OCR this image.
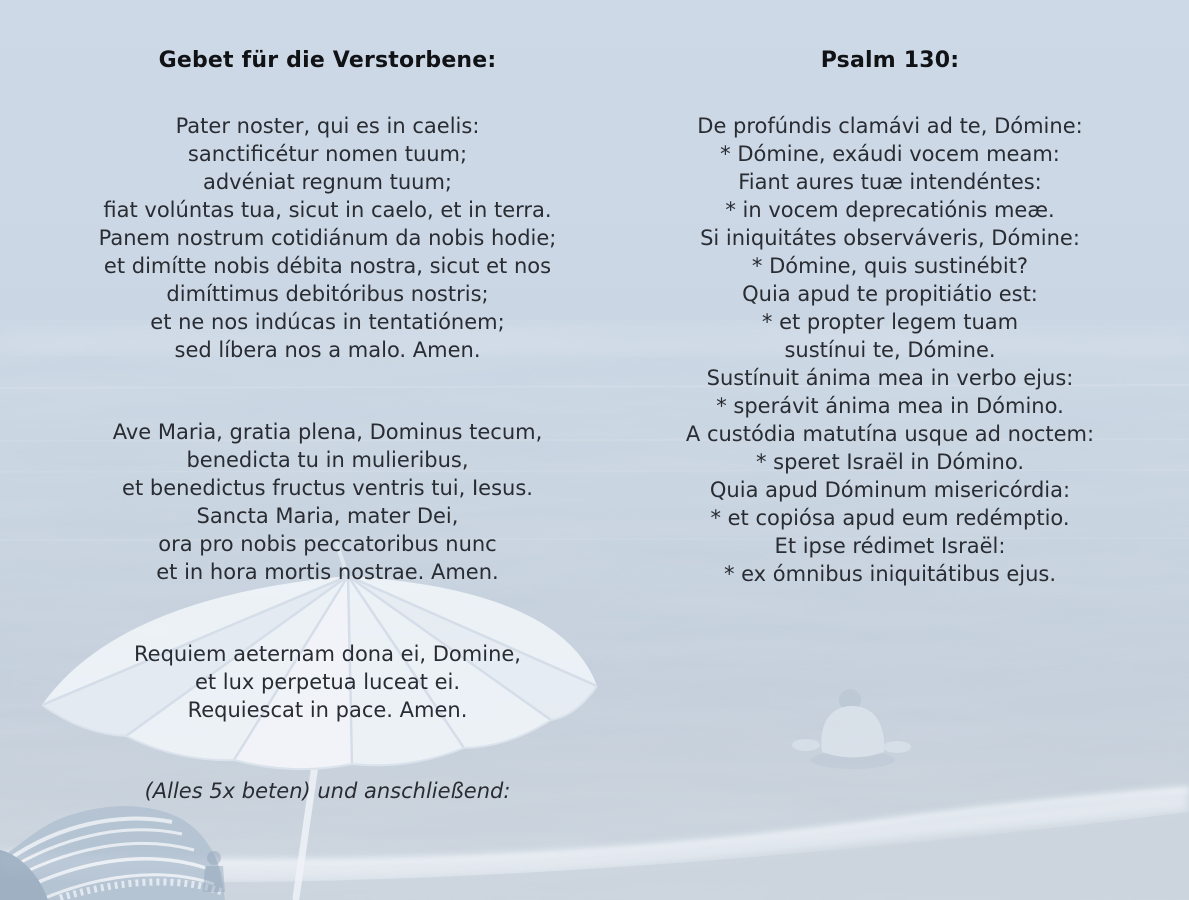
Gebet für die Verstorbene:
Pater noster, qui es in caelis:
sanctificétur nomen tuum;
advéniat regnum tuum;
fiat volúntas tua, sicut in caelo, et in terra.
Panem nostrum cotidiánum da nobis hodie;
et dimítte nobis débita nostra, sicut et nos
dimíttimus debitóribus nostris;
et ne nos indúcas in tentatiónem;
sed líbera nos a malo. Amen.
Ave Maria, gratia plena, Dominus tecum,
benedicta tu in mulieribus,
et benedictus fructus ventris tui, Iesus.
Sancta Maria, mater Dei,
ora pro nobis peccatoribus nunc
et in hora mortis nostrae. Amen.
Requiem aeternam dona ei, Domine,
et lux perpetua luceat ei.
Requiescat in pace. Amen.
(Alles 5x beten) und anschließend:
Psalm 130:
De profúndis clamávi ad te, Dómine:
* Dómine, exáudi vocem meam:
Fiant aures tuæ intendéntes:
* in vocem deprecatiónis meæ.
Si iniquitátes observáveris, Dómine:
* Dómine, quis sustinébit?
Quia apud te propitiátio est:
* et propter legem tuam
sustínui te, Dómine.
Sustínuit ánima mea in verbo ejus:
* sperávit ánima mea in Dómino.
A custódia matutína usque ad noctem:
* speret Israël in Dómino.
Quia apud Dóminum misericórdia:
* et copiósa apud eum redémptio.
Et ipse rédimet Israël:
* ex ómnibus iniquitátibus ejus.
